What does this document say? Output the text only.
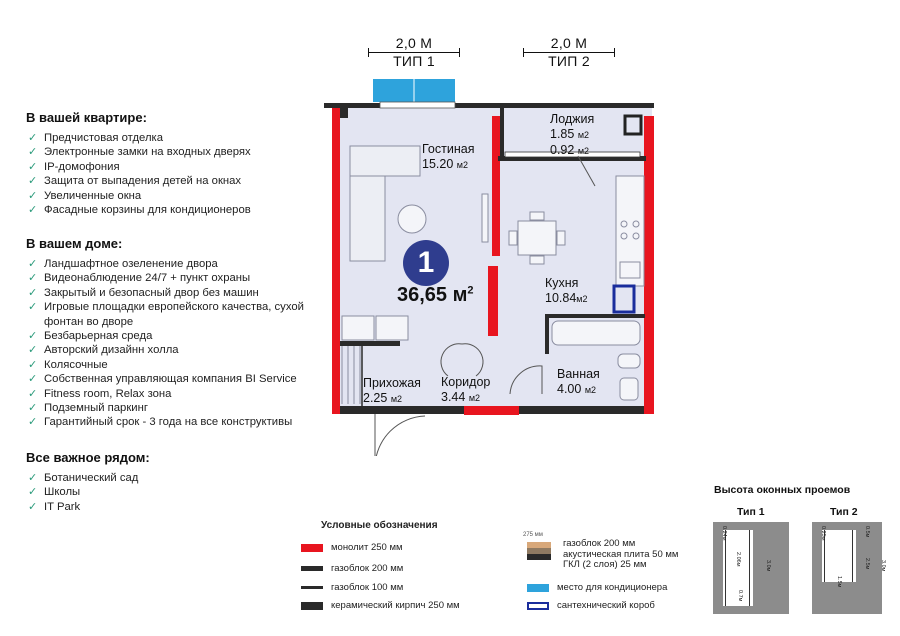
2,0 М
ТИП 1
2,0 М
ТИП 2
В вашей квартире:
✓ Предчистовая отделка
✓ Электронные замки на входных дверях
✓ IP-домофония
✓ Защита от выпадения детей на окнах
✓ Увеличенные окна
✓ Фасадные корзины для кондиционеров
В вашем доме:
✓ Ландшафтное озеленение двора
✓ Видеонаблюдение 24/7 + пункт охраны
✓ Закрытый и безопасный двор без машин
✓ Игровые площадки европейского качества, сухой фонтан во дворе
✓ Безбарьерная среда
✓ Авторский дизайнн холла
✓ Колясочные
✓ Собственная управляющая компания BI Service
✓ Fitness room, Relax зона
✓ Подземный паркинг
✓ Гарантийный срок - 3 года на все конструктивы
Все важное рядом:
✓ Ботанический сад
✓ Школы
✓ IT Park
Гостиная
15.20 м2
Лоджия
1.85 м2
0.92 м2
Кухня
10.84м2
Ванная
4.00 м2
Прихожая
2.25 м2
Коридор
3.44 м2
1
36,65 $м^2$
Условные обозначения
монолит 250 мм
газоблок 200 мм
газоблок 100 мм
керамический кирпич 250 мм
275 мм
газоблок 200 мм
акустическая плита 50 мм
ГКЛ (2 слоя) 25 мм
место для кондиционера
сантехнический короб
Высота оконных проемов
Тип 1
0.24м
2.06м
0.7м
3.0м
Тип 2
0.25м
1.5м
0.5м
2.5м 3.0м
